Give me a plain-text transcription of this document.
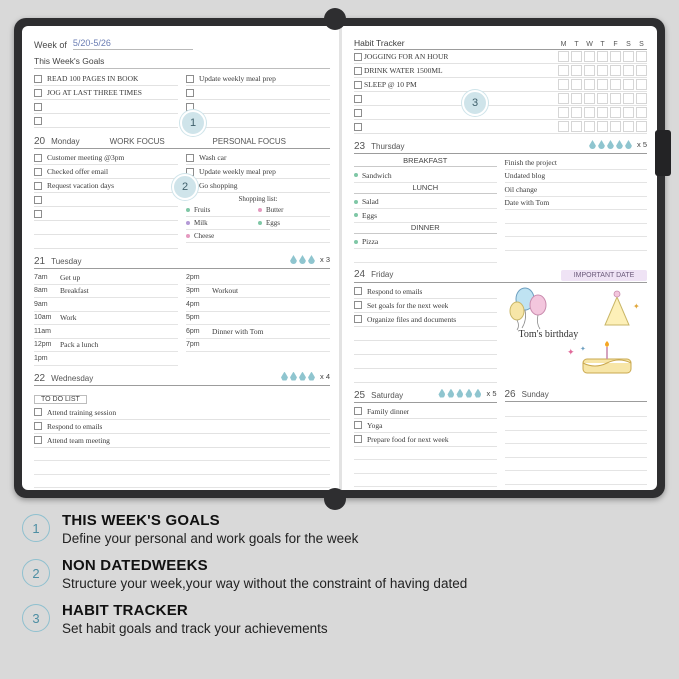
Week of 5/20-5/26
This Week's Goals
READ 100 PAGES IN BOOK
JOG AT LAST THREE TIMES
Update weekly meal prep
20 Monday	WORK FOCUS	PERSONAL FOCUS
Customer meeting @3pm
Checked offer email
Request vacation days
Wash car
Update weekly meal prep
Go shopping
Shopping list:
Fruits	Butter
Milk	Eggs
Cheese
21 Tuesday	x 3
7am	Get up
8am	Breakfast
9am
10am	Work
11am
12pm	Pack a lunch
1pm
2pm
3pm	Workout
4pm
5pm
6pm	Dinner with Tom
7pm
22 Wednesday	x 4
TO DO LIST
Attend training session
Respond to emails
Attend team meeting
Habit Tracker	M	T	W	T	F	S	S
JOGGING FOR AN HOUR
DRINK WATER 1500ML
SLEEP @ 10 PM
23 Thursday	x 5
BREAKFAST
Sandwich
LUNCH
Salad
Eggs
DINNER
Pizza
Finish the project
Undated blog
Oil change
Date with Tom
24 Friday	IMPORTANT DATE
Respond to emails
Set goals for the next week
Organize files and documents
✦ ✦
✦
Tom's birthday
25 Saturday	x 5
Family dinner
Yoga
Prepare food for next week
26 Sunday
1
2
3
1	THIS WEEK'S GOALS

Define your personal and work goals for the week

2	NON DATEDWEEKS

Structure your week,your way without the constraint of having dated

3	HABIT TRACKER

Set habit goals and track your achievements
